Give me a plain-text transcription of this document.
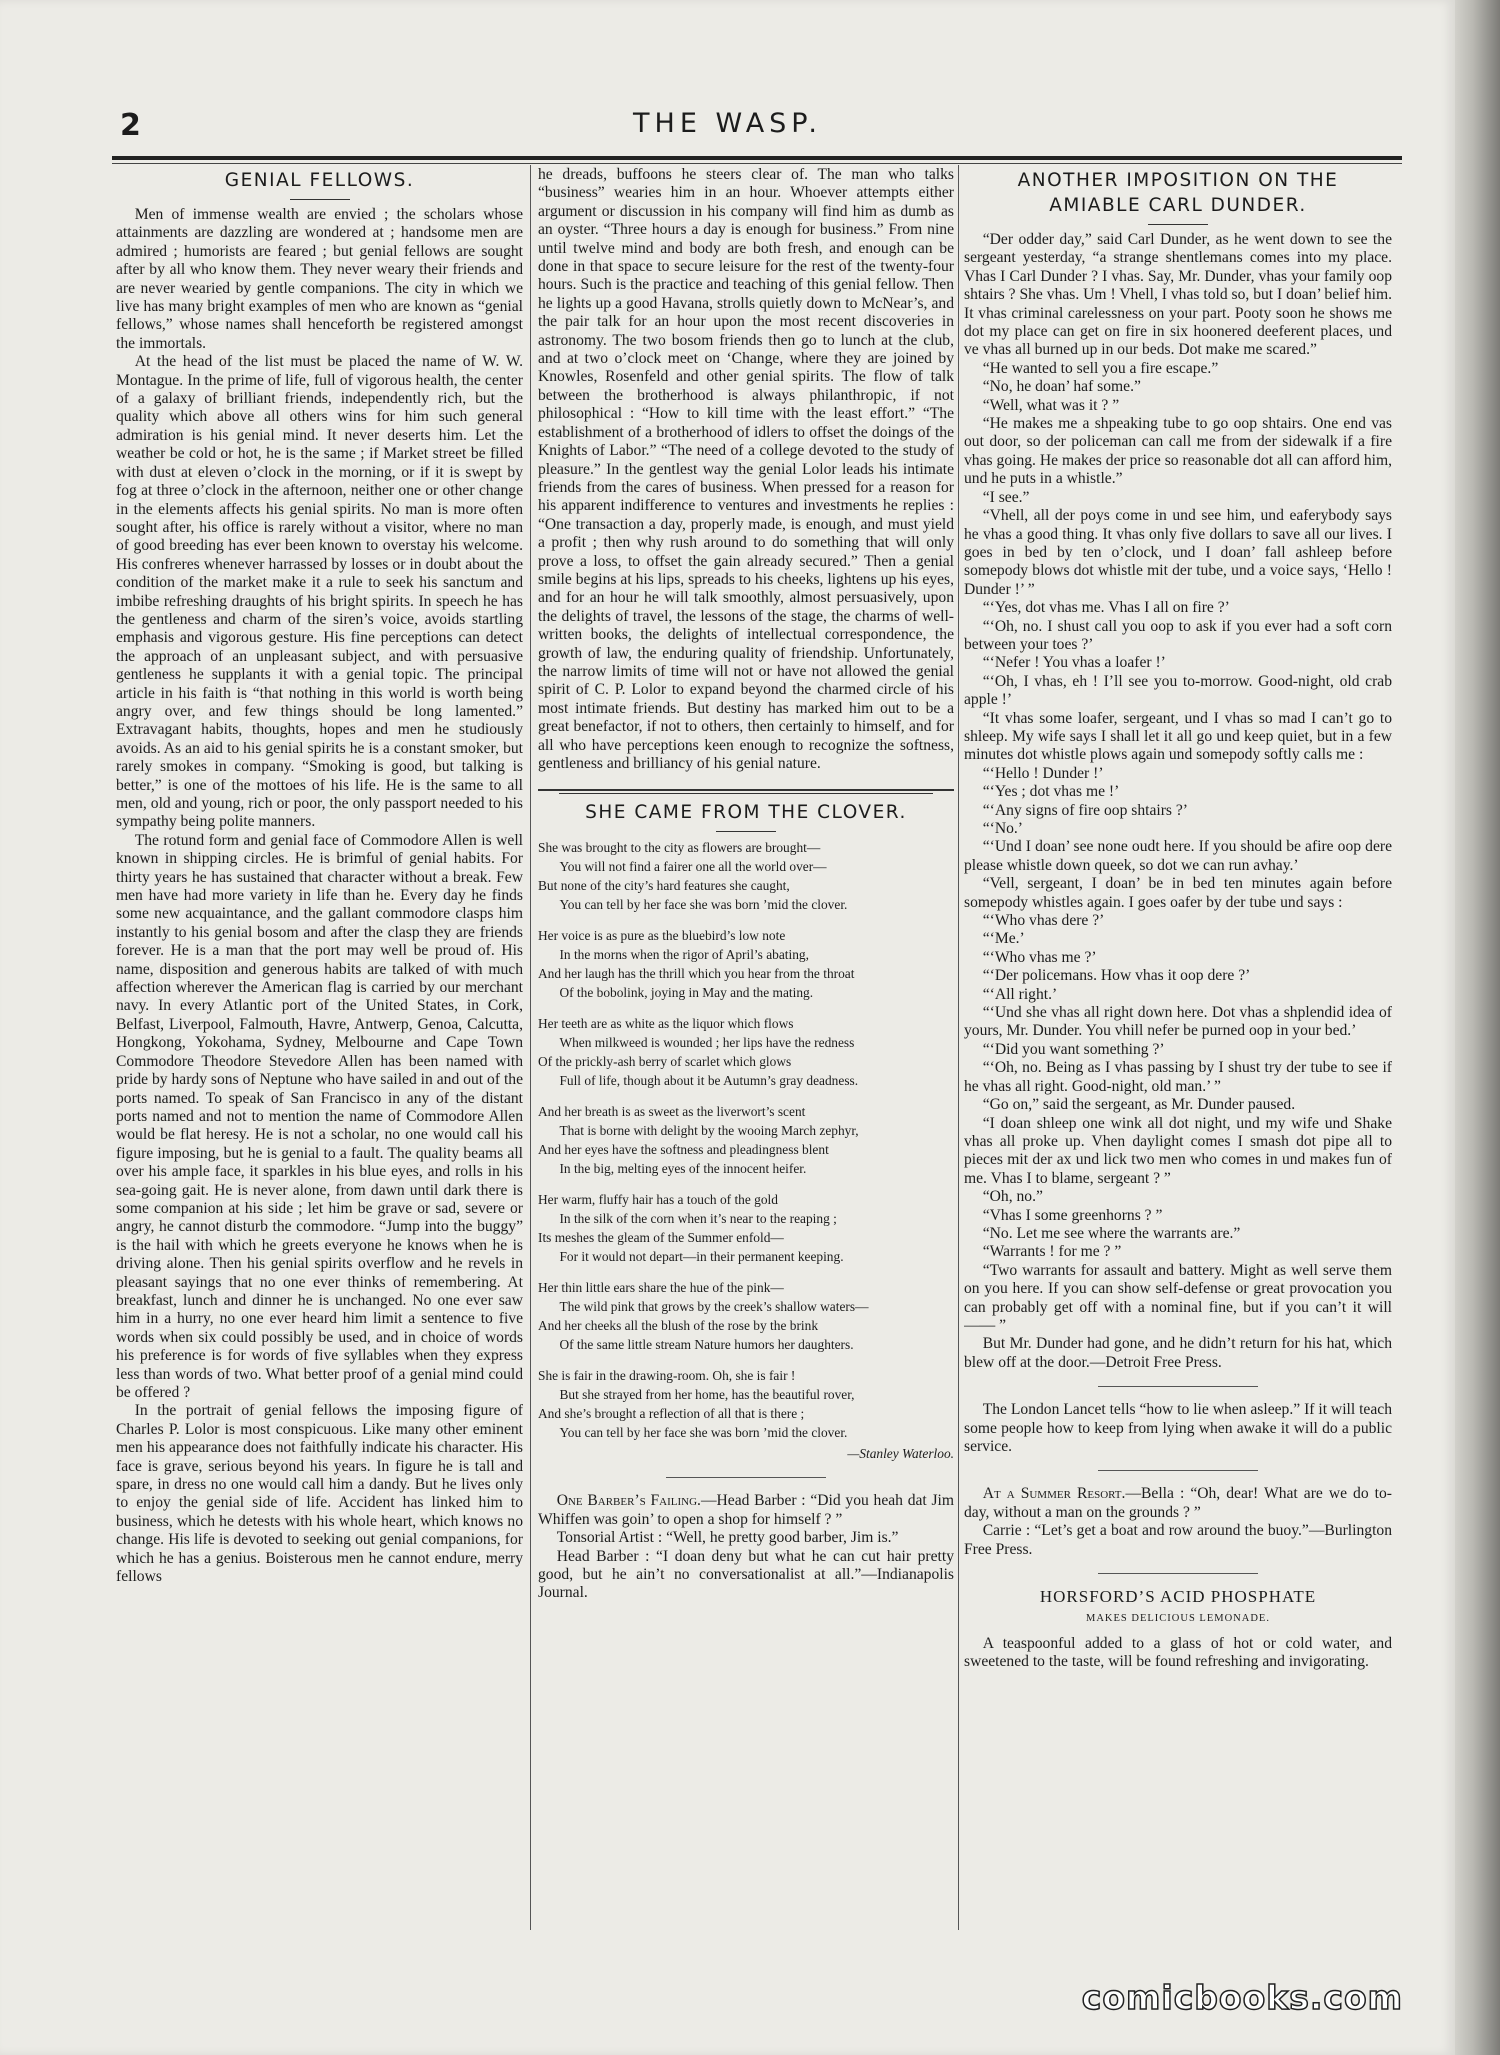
2	THE WASP.
GENIAL FELLOWS.

Men of immense wealth are envied ; the scholars whose attainments are dazzling are wondered at ; handsome men are admired ; humorists are feared ; but genial fellows are sought after by all who know them. They never weary their friends and are never wearied by gentle companions. The city in which we live has many bright examples of men who are known as “genial fellows,” whose names shall henceforth be registered amongst the immortals.

At the head of the list must be placed the name of W. W. Montague. In the prime of life, full of vigorous health, the center of a galaxy of brilliant friends, independently rich, but the quality which above all others wins for him such general admiration is his genial mind. It never deserts him. Let the weather be cold or hot, he is the same ; if Market street be filled with dust at eleven o’clock in the morning, or if it is swept by fog at three o’clock in the afternoon, neither one or other change in the elements affects his genial spirits. No man is more often sought after, his office is rarely without a visitor, where no man of good breeding has ever been known to overstay his welcome. His confreres whenever harrassed by losses or in doubt about the condition of the market make it a rule to seek his sanctum and imbibe refreshing draughts of his bright spirits. In speech he has the gentleness and charm of the siren’s voice, avoids startling emphasis and vigorous gesture. His fine perceptions can detect the approach of an unpleasant subject, and with persuasive gentleness he supplants it with a genial topic. The principal article in his faith is “that nothing in this world is worth being angry over, and few things should be long lamented.” Extravagant habits, thoughts, hopes and men he studiously avoids. As an aid to his genial spirits he is a constant smoker, but rarely smokes in company. “Smoking is good, but talking is better,” is one of the mottoes of his life. He is the same to all men, old and young, rich or poor, the only passport needed to his sympathy being polite manners.

The rotund form and genial face of Commodore Allen is well known in shipping circles. He is brimful of genial habits. For thirty years he has sustained that character without a break. Few men have had more variety in life than he. Every day he finds some new acquaintance, and the gallant commodore clasps him instantly to his genial bosom and after the clasp they are friends forever. He is a man that the port may well be proud of. His name, disposition and generous habits are talked of with much affection wherever the American flag is carried by our merchant navy. In every Atlantic port of the United States, in Cork, Belfast, Liverpool, Falmouth, Havre, Antwerp, Genoa, Calcutta, Hongkong, Yokohama, Sydney, Melbourne and Cape Town Commodore Theodore Stevedore Allen has been named with pride by hardy sons of Neptune who have sailed in and out of the ports named. To speak of San Francisco in any of the distant ports named and not to mention the name of Commodore Allen would be flat heresy. He is not a scholar, no one would call his figure imposing, but he is genial to a fault. The quality beams all over his ample face, it sparkles in his blue eyes, and rolls in his sea-going gait. He is never alone, from dawn until dark there is some companion at his side ; let him be grave or sad, severe or angry, he cannot disturb the commodore. “Jump into the buggy” is the hail with which he greets everyone he knows when he is driving alone. Then his genial spirits overflow and he revels in pleasant sayings that no one ever thinks of remembering. At breakfast, lunch and dinner he is unchanged. No one ever saw him in a hurry, no one ever heard him limit a sentence to five words when six could possibly be used, and in choice of words his preference is for words of five syllables when they express less than words of two. What better proof of a genial mind could be offered ?

In the portrait of genial fellows the imposing figure of Charles P. Lolor is most conspicuous. Like many other eminent men his appearance does not faithfully indicate his character. His face is grave, serious beyond his years. In figure he is tall and spare, in dress no one would call him a dandy. But he lives only to enjoy the genial side of life. Accident has linked him to business, which he detests with his whole heart, which knows no change. His life is devoted to seeking out genial companions, for which he has a genius. Boisterous men he cannot endure, merry fellows

he dreads, buffoons he steers clear of. The man who talks “business” wearies him in an hour. Whoever attempts either argument or discussion in his company will find him as dumb as an oyster. “Three hours a day is enough for business.” From nine until twelve mind and body are both fresh, and enough can be done in that space to secure leisure for the rest of the twenty-four hours. Such is the practice and teaching of this genial fellow. Then he lights up a good Havana, strolls quietly down to McNear’s, and the pair talk for an hour upon the most recent discoveries in astronomy. The two bosom friends then go to lunch at the club, and at two o’clock meet on ‘Change, where they are joined by Knowles, Rosenfeld and other genial spirits. The flow of talk between the brotherhood is always philanthropic, if not philosophical : “How to kill time with the least effort.” “The establishment of a brotherhood of idlers to offset the doings of the Knights of Labor.” “The need of a college devoted to the study of pleasure.” In the gentlest way the genial Lolor leads his intimate friends from the cares of business. When pressed for a reason for his apparent indifference to ventures and investments he replies : “One transaction a day, properly made, is enough, and must yield a profit ; then why rush around to do something that will only prove a loss, to offset the gain already secured.” Then a genial smile begins at his lips, spreads to his cheeks, lightens up his eyes, and for an hour he will talk smoothly, almost persuasively, upon the delights of travel, the lessons of the stage, the charms of well-written books, the delights of intellectual correspondence, the growth of law, the enduring quality of friendship. Unfortunately, the narrow limits of time will not or have not allowed the genial spirit of C. P. Lolor to expand beyond the charmed circle of his most intimate friends. But destiny has marked him out to be a great benefactor, if not to others, then certainly to himself, and for all who have perceptions keen enough to recognize the softness, gentleness and brilliancy of his genial nature.

SHE CAME FROM THE CLOVER.
She was brought to the city as flowers are brought—
You will not find a fairer one all the world over—
But none of the city’s hard features she caught,
You can tell by her face she was born ’mid the clover.
Her voice is as pure as the bluebird’s low note
In the morns when the rigor of April’s abating,
And her laugh has the thrill which you hear from the throat
Of the bobolink, joying in May and the mating.
Her teeth are as white as the liquor which flows
When milkweed is wounded ; her lips have the redness
Of the prickly-ash berry of scarlet which glows
Full of life, though about it be Autumn’s gray deadness.
And her breath is as sweet as the liverwort’s scent
That is borne with delight by the wooing March zephyr,
And her eyes have the softness and pleadingness blent
In the big, melting eyes of the innocent heifer.
Her warm, fluffy hair has a touch of the gold
In the silk of the corn when it’s near to the reaping ;
Its meshes the gleam of the Summer enfold—
For it would not depart—in their permanent keeping.
Her thin little ears share the hue of the pink—
The wild pink that grows by the creek’s shallow waters—
And her cheeks all the blush of the rose by the brink
Of the same little stream Nature humors her daughters.
She is fair in the drawing-room. Oh, she is fair !
But she strayed from her home, has the beautiful rover,
And she’s brought a reflection of all that is there ;
You can tell by her face she was born ’mid the clover.
—Stanley Waterloo.

One Barber’s Failing.—Head Barber : “Did you heah dat Jim Whiffen was goin’ to open a shop for himself ? ”

Tonsorial Artist : “Well, he pretty good barber, Jim is.”

Head Barber : “I doan deny but what he can cut hair pretty good, but he ain’t no conversationalist at all.”—Indianapolis Journal.

ANOTHER IMPOSITION ON THE
AMIABLE CARL DUNDER.

“Der odder day,” said Carl Dunder, as he went down to see the sergeant yesterday, “a strange shentlemans comes into my place. Vhas I Carl Dunder ? I vhas. Say, Mr. Dunder, vhas your family oop shtairs ? She vhas. Um ! Vhell, I vhas told so, but I doan’ belief him. It vhas criminal carelessness on your part. Pooty soon he shows me dot my place can get on fire in six hoonered deeferent places, und ve vhas all burned up in our beds. Dot make me scared.”

“He wanted to sell you a fire escape.”

“No, he doan’ haf some.”

“Well, what was it ? ”

“He makes me a shpeaking tube to go oop shtairs. One end vas out door, so der policeman can call me from der sidewalk if a fire vhas going. He makes der price so reasonable dot all can afford him, und he puts in a whistle.”

“I see.”

“Vhell, all der poys come in und see him, und eaferybody says he vhas a good thing. It vhas only five dollars to save all our lives. I goes in bed by ten o’clock, und I doan’ fall ashleep before somepody blows dot whistle mit der tube, und a voice says, ‘Hello ! Dunder !’ ”

“‘Yes, dot vhas me. Vhas I all on fire ?’

“‘Oh, no. I shust call you oop to ask if you ever had a soft corn between your toes ?’

“‘Nefer ! You vhas a loafer !’

“‘Oh, I vhas, eh ! I’ll see you to-morrow. Good-night, old crab apple !’

“It vhas some loafer, sergeant, und I vhas so mad I can’t go to shleep. My wife says I shall let it all go und keep quiet, but in a few minutes dot whistle plows again und somepody softly calls me :

“‘Hello ! Dunder !’

“‘Yes ; dot vhas me !’

“‘Any signs of fire oop shtairs ?’

“‘No.’

“‘Und I doan’ see none oudt here. If you should be afire oop dere please whistle down queek, so dot we can run avhay.’

“Vell, sergeant, I doan’ be in bed ten minutes again before somepody whistles again. I goes oafer by der tube und says :

“‘Who vhas dere ?’

“‘Me.’

“‘Who vhas me ?’

“‘Der policemans. How vhas it oop dere ?’

“‘All right.’

“‘Und she vhas all right down here. Dot vhas a shplendid idea of yours, Mr. Dunder. You vhill nefer be purned oop in your bed.’

“‘Did you want something ?’

“‘Oh, no. Being as I vhas passing by I shust try der tube to see if he vhas all right. Good-night, old man.’ ”

“Go on,” said the sergeant, as Mr. Dunder paused.

“I doan shleep one wink all dot night, und my wife und Shake vhas all proke up. Vhen daylight comes I smash dot pipe all to pieces mit der ax und lick two men who comes in und makes fun of me. Vhas I to blame, sergeant ? ”

“Oh, no.”

“Vhas I some greenhorns ? ”

“No. Let me see where the warrants are.”

“Warrants ! for me ? ”

“Two warrants for assault and battery. Might as well serve them on you here. If you can show self-defense or great provocation you can probably get off with a nominal fine, but if you can’t it will —— ”

But Mr. Dunder had gone, and he didn’t return for his hat, which blew off at the door.—Detroit Free Press.

The London Lancet tells “how to lie when asleep.” If it will teach some people how to keep from lying when awake it will do a public service.

At a Summer Resort.—Bella : “Oh, dear! What are we do to-day, without a man on the grounds ? ”

Carrie : “Let’s get a boat and row around the buoy.”—Burlington Free Press.

HORSFORD’S ACID PHOSPHATE
MAKES DELICIOUS LEMONADE.

A teaspoonful added to a glass of hot or cold water, and sweetened to the taste, will be found refreshing and invigorating.

comicbooks.com
